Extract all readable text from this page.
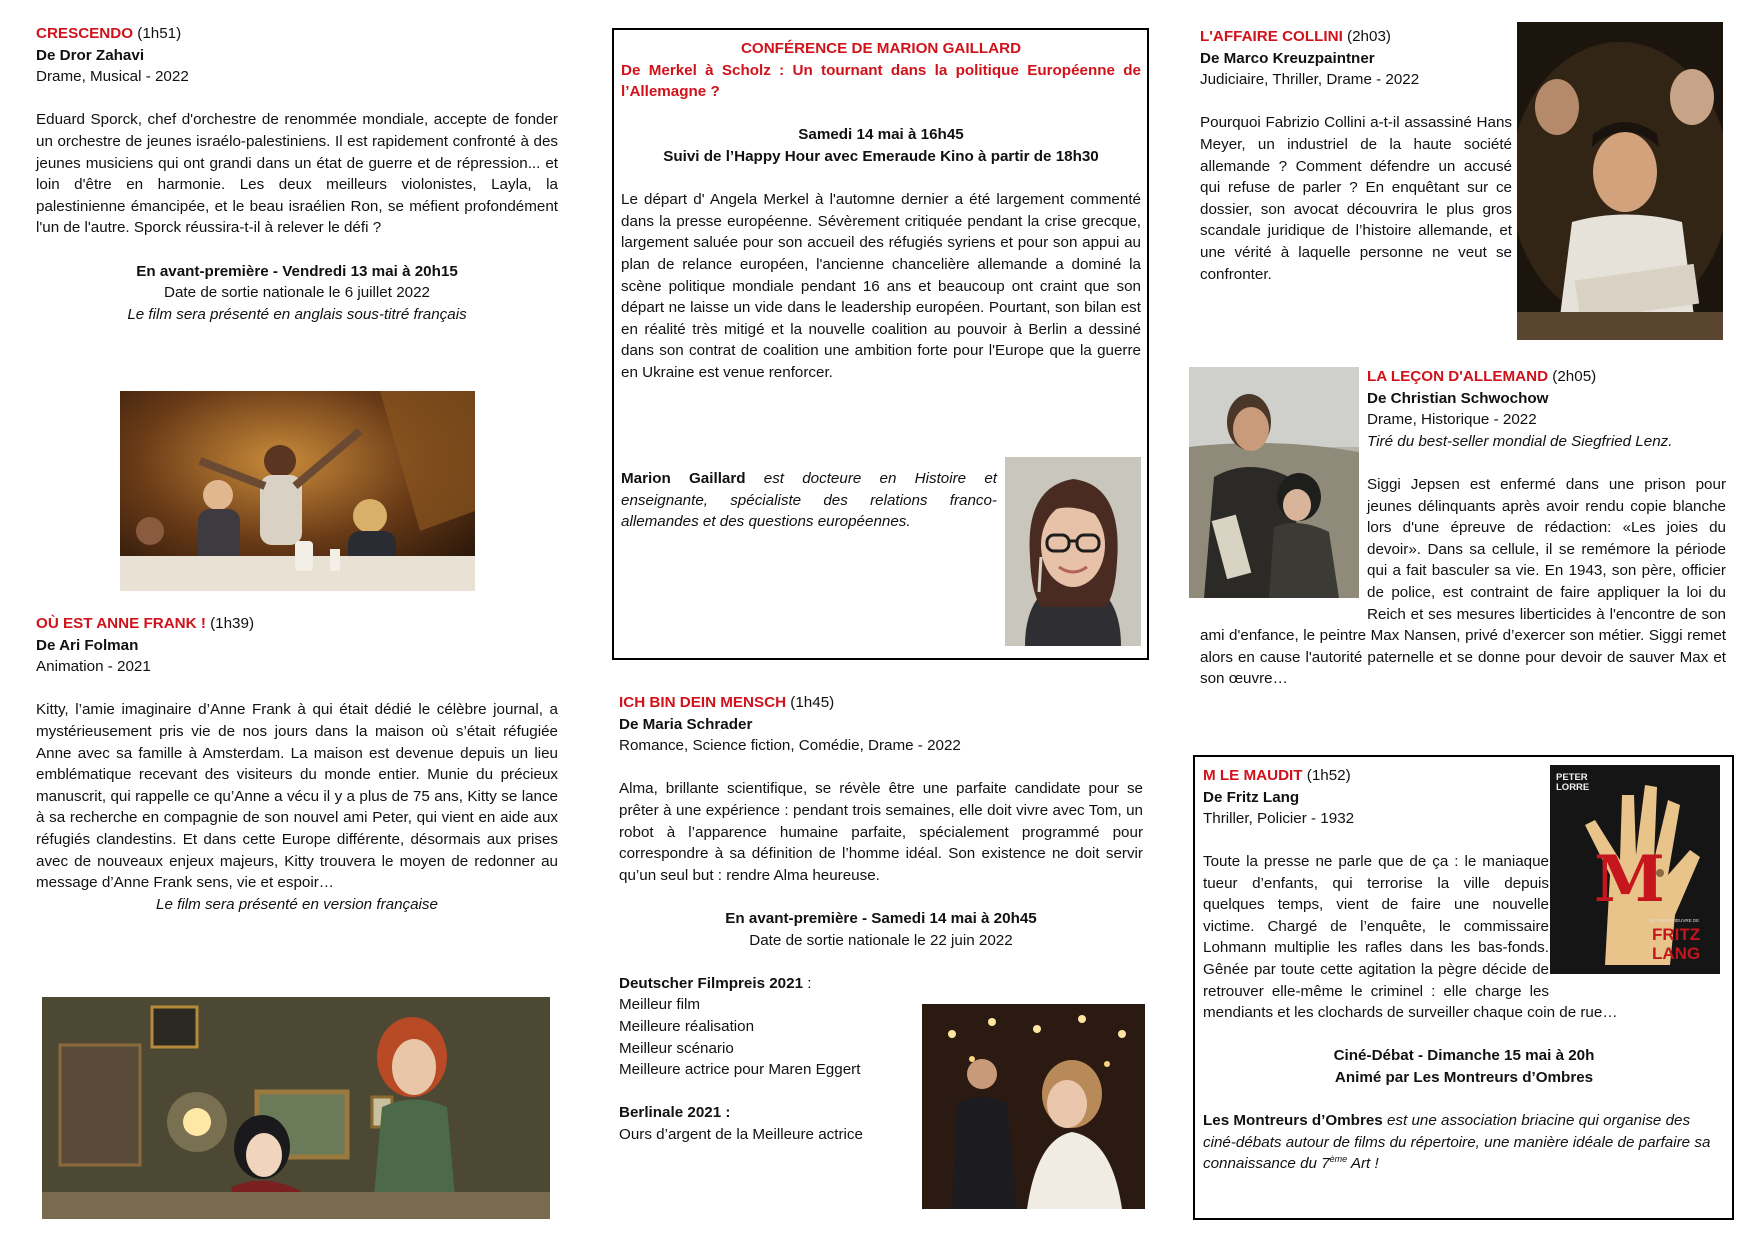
CRESCENDO (1h51)

De Dror Zahavi

Drame, Musical - 2022

Eduard Sporck, chef d'orchestre de renommée mondiale, accepte de fonder un orchestre de jeunes israélo-palestiniens. Il est rapidement confronté à des jeunes musiciens qui ont grandi dans un état de guerre et de répression... et loin d'être en harmonie. Les deux meilleurs violonistes, Layla, la palestinienne émancipée, et le beau israélien Ron, se méfient profondément l'un de l'autre. Sporck réussira-t-il à relever le défi ?

En avant-première - Vendredi 13 mai à 20h15

Date de sortie nationale le 6 juillet 2022

Le film sera présenté en anglais sous-titré français

OÙ EST ANNE FRANK ! (1h39)

De Ari Folman

Animation - 2021

Kitty, l’amie imaginaire d’Anne Frank à qui était dédié le célèbre journal, a mystérieusement pris vie de nos jours dans la maison où s’était réfugiée Anne avec sa famille à Amsterdam. La maison est devenue depuis un lieu emblématique recevant des visiteurs du monde entier. Munie du précieux manuscrit, qui rappelle ce qu’Anne a vécu il y a plus de 75 ans, Kitty se lance à sa recherche en compagnie de son nouvel ami Peter, qui vient en aide aux réfugiés clandestins. Et dans cette Europe différente, désormais aux prises avec de nouveaux enjeux majeurs, Kitty trouvera le moyen de redonner au message d’Anne Frank sens, vie et espoir…

Le film sera présenté en version française

CONFÉRENCE DE MARION GAILLARD

De Merkel à Scholz : Un tournant dans la politique Européenne de l’Allemagne ?

Samedi 14 mai à 16h45

Suivi de l’Happy Hour avec Emeraude Kino à partir de 18h30

Le départ d' Angela Merkel à l'automne dernier a été largement commenté dans la presse européenne. Sévèrement critiquée pendant la crise grecque, largement saluée pour son accueil des réfugiés syriens et pour son appui au plan de relance européen, l'ancienne chancelière allemande a dominé la scène politique mondiale pendant 16 ans et beaucoup ont craint que son départ ne laisse un vide dans le leadership européen. Pourtant, son bilan est en réalité très mitigé et la nouvelle coalition au pouvoir à Berlin a dessiné dans son contrat de coalition une ambition forte pour l'Europe que la guerre en Ukraine est venue renforcer.

Marion Gaillard est docteure en Histoire et enseignante, spécialiste des relations franco-allemandes et des questions européennes.

ICH BIN DEIN MENSCH (1h45)

De Maria Schrader

Romance, Science fiction, Comédie, Drame - 2022

Alma, brillante scientifique, se révèle être une parfaite candidate pour se prêter à une expérience : pendant trois semaines, elle doit vivre avec Tom, un robot à l’apparence humaine parfaite, spécialement programmé pour correspondre à sa définition de l’homme idéal. Son existence ne doit servir qu’un seul but : rendre Alma heureuse.

En avant-première - Samedi 14 mai à 20h45

Date de sortie nationale le 22 juin 2022

Deutscher Filmpreis 2021 :

Meilleur film

Meilleure réalisation

Meilleur scénario

Meilleure actrice pour Maren Eggert

Berlinale 2021 :

Ours d’argent de la Meilleure actrice

L'AFFAIRE COLLINI (2h03)

De Marco Kreuzpaintner

Judiciaire, Thriller, Drame - 2022

Pourquoi Fabrizio Collini a-t-il assassiné Hans Meyer, un industriel de la haute société allemande ? Comment défendre un accusé qui refuse de parler ? En enquêtant sur ce dossier, son avocat découvrira le plus gros scandale juridique de l’histoire allemande, et une vérité à laquelle personne ne veut se confronter.

LA LEÇON D'ALLEMAND (2h05)

De Christian Schwochow

Drame, Historique - 2022

Tiré du best-seller mondial de Siegfried Lenz.

Siggi Jepsen est enfermé dans une prison pour jeunes délinquants après avoir rendu copie blanche lors d'une épreuve de rédaction: «Les joies du devoir». Dans sa cellule, il se remémore la période qui a fait basculer sa vie. En 1943, son père, officier de police, est contraint de faire appliquer la loi du Reich et ses mesures liberticides à l'encontre de son ami d'enfance, le peintre Max Nansen, privé d’exercer son métier. Siggi remet alors en cause l'autorité paternelle et se donne pour devoir de sauver Max et son œuvre…

PETER
LORRE
M
LE CHEF-D'ŒUVRE DE
FRITZ
LANG

M LE MAUDIT (1h52)

De Fritz Lang

Thriller, Policier - 1932

Toute la presse ne parle que de ça : le maniaque tueur d’enfants, qui terrorise la ville depuis quelques temps, vient de faire une nouvelle victime. Chargé de l’enquête, le commissaire Lohmann multiplie les rafles dans les bas-fonds. Gênée par toute cette agitation la pègre décide de retrouver elle-même le criminel : elle charge les mendiants et les clochards de surveiller chaque coin de rue…

Ciné-Débat - Dimanche 15 mai à 20h

Animé par Les Montreurs d’Ombres

Les Montreurs d’Ombres est une association briacine qui organise des ciné-débats autour de films du répertoire, une manière idéale de parfaire sa connaissance du 7ème Art !
